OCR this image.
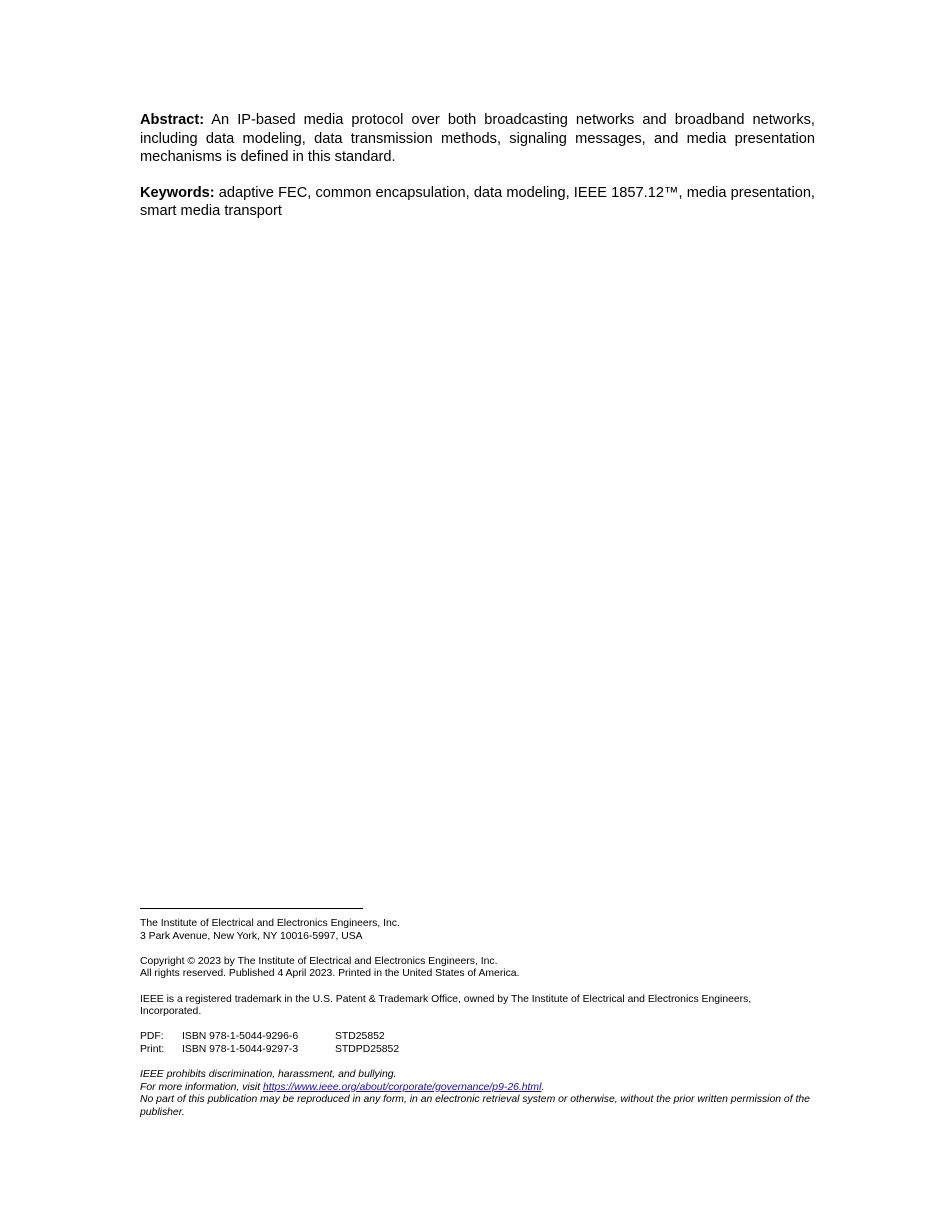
Abstract: An IP-based media protocol over both broadcasting networks and broadband networks, including data modeling, data transmission methods, signaling messages, and media presentation mechanisms is defined in this standard.

Keywords: adaptive FEC, common encapsulation, data modeling, IEEE 1857.12™, media presentation, smart media transport

The Institute of Electrical and Electronics Engineers, Inc.
3 Park Avenue, New York, NY 10016-5997, USA
Copyright © 2023 by The Institute of Electrical and Electronics Engineers, Inc.
All rights reserved. Published 4 April 2023. Printed in the United States of America.
IEEE is a registered trademark in the U.S. Patent & Trademark Office, owned by The Institute of Electrical and Electronics Engineers, Incorporated.
PDF:	ISBN 978-1-5044-9296-6	STD25852
Print:	ISBN 978-1-5044-9297-3	STDPD25852
IEEE prohibits discrimination, harassment, and bullying.
For more information, visit https://www.ieee.org/about/corporate/governance/p9-26.html.
No part of this publication may be reproduced in any form, in an electronic retrieval system or otherwise, without the prior written permission of the publisher.
